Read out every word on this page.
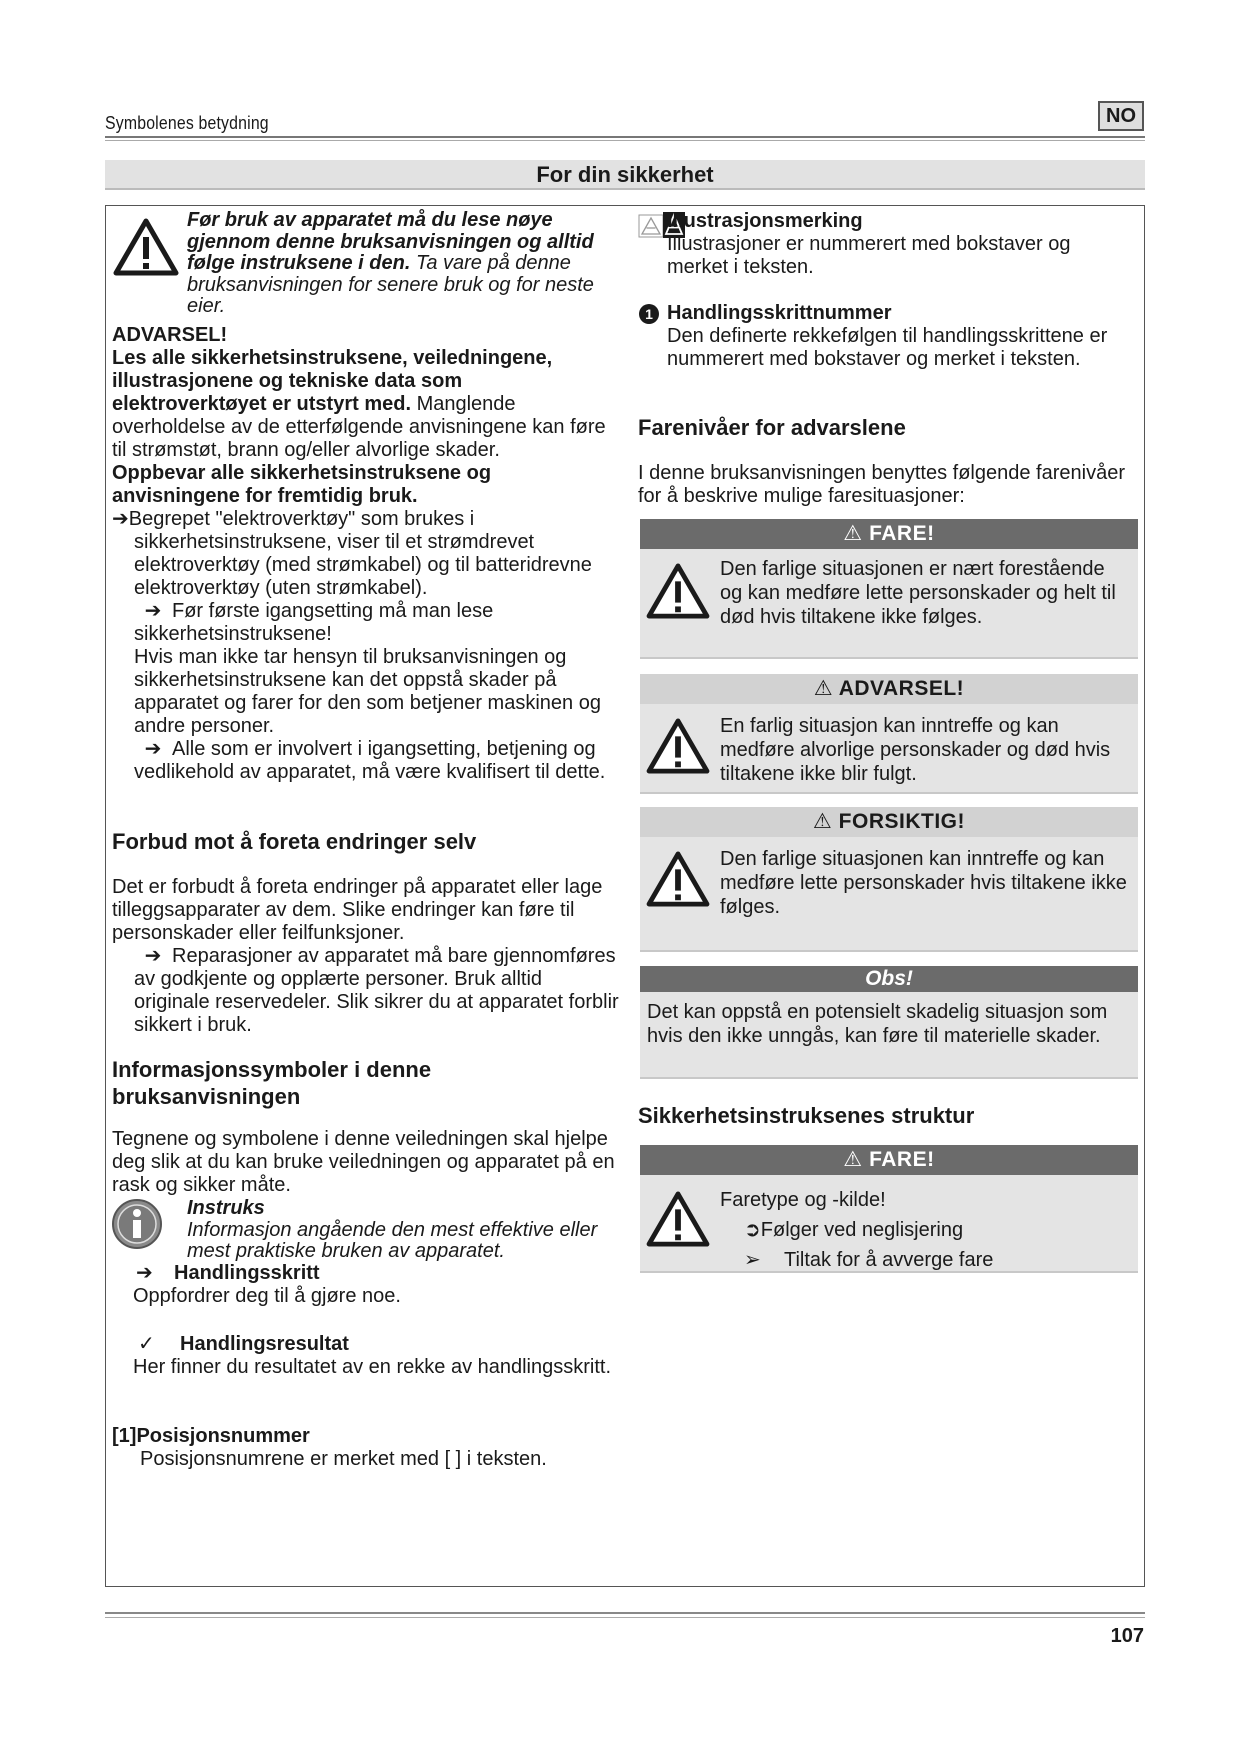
Symbolenes betydning	NO
For din sikkerhet
Før bruk av apparatet må du lese nøye gjennom denne bruksanvisningen og alltid følge instruksene i den. Ta vare på denne bruksanvisningen for senere bruk og for neste eier.

ADVARSEL!

Les alle sikkerhetsinstruksene, veiledningene, illustrasjonene og tekniske data som elektroverktøyet er utstyrt med. Manglende overholdelse av de etterfølgende anvisningene kan føre til strømstøt, brann og/eller alvorlige skader.

Oppbevar alle sikkerhetsinstruksene og anvisningene for fremtidig bruk.

➔Begrepet "elektroverktøy" som brukes i sikkerhetsinstruksene, viser til et strømdrevet elektroverktøy (med strømkabel) og til batteridrevne elektroverktøy (uten strømkabel).

➔ Før første igangsetting må man lese sikkerhetsinstruksene!

Hvis man ikke tar hensyn til bruksanvisningen og sikkerhetsinstruksene kan det oppstå skader på apparatet og farer for den som betjener maskinen og andre personer.

➔ Alle som er involvert i igangsetting, betjening og vedlikehold av apparatet, må være kvalifisert til dette.

Forbud mot å foreta endringer selv

Det er forbudt å foreta endringer på apparatet eller lage tilleggsapparater av dem. Slike endringer kan føre til personskader eller feilfunksjoner.

➔ Reparasjoner av apparatet må bare gjennomføres av godkjente og opplærte personer. Bruk alltid originale reservedeler. Slik sikrer du at apparatet forblir sikkert i bruk.

Informasjonssymboler i denne bruksanvisningen
Tegnene og symbolene i denne veiledningen skal hjelpe deg slik at du kan bruke veiledningen og apparatet på en rask og sikker måte.

Instruks

Informasjon angående den mest effektive eller mest praktiske bruken av apparatet.

➔ Handlingsskritt

Oppfordrer deg til å gjøre noe.

✓ Handlingsresultat

Her finner du resultatet av en rekke av handlingsskritt.

[1]Posisjonsnummer

Posisjonsnumrene er merket med [ ] i teksten.

Illustrasjonsmerking

Illustrasjoner er nummerert med bokstaver og merket i teksten.

1 Handlingsskrittnummer

Den definerte rekkefølgen til handlingsskrittene er nummerert med bokstaver og merket i teksten.

Farenivåer for advarslene
I denne bruksanvisningen benyttes følgende farenivåer for å beskrive mulige faresituasjoner:
⚠ FARE!
Den farlige situasjonen er nært forestående og kan medføre lette personskader og helt til død hvis tiltakene ikke følges.
⚠ ADVARSEL!
En farlig situasjon kan inntreffe og kan medføre alvorlige personskader og død hvis tiltakene ikke blir fulgt.
⚠ FORSIKTIG!
Den farlige situasjonen kan inntreffe og kan medføre lette personskader hvis tiltakene ikke følges.
Obs!
Det kan oppstå en potensielt skadelig situasjon som hvis den ikke unngås, kan føre til materielle skader.
Sikkerhetsinstruksenes struktur
⚠ FARE!
Faretype og -kilde!
➲Følger ved neglisjering
➢ Tiltak for å avverge fare
107
